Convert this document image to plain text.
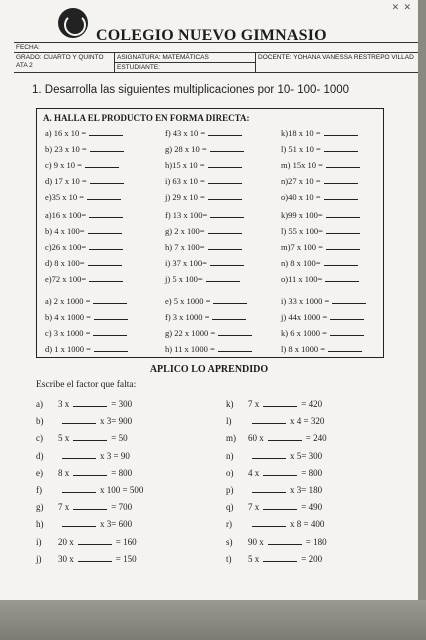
COLEGIO NUEVO GIMNASIO
✕ ✕
FECHA:
GRADO: CUARTO Y QUINTO ATA 2
ASIGNATURA: MATEMÁTICAS
ESTUDIANTE:
DOCENTE: YOHANA VANESSA RESTREPO VILLAD
1. Desarrolla las siguientes multiplicaciones por 10- 100- 1000
A. HALLA EL PRODUCTO EN FORMA DIRECTA:
a) 16 x 10 =	f) 43 x 10 =	k)18 x 10 =
b) 23 x 10 =	g) 28 x 10 =	l) 51 x 10 =
c) 9 x 10 =	h)15 x 10 =	m) 15x 10 =
d) 17 x 10 =	i) 63 x 10 =	n)27 x 10 =
e)35 x 10 =	j) 29 x 10 =	o)40 x 10 =
a)16 x 100=	f) 13 x 100=	k)99 x 100=
b) 4 x 100=	g) 2 x 100=	l) 55 x 100=
c)26 x 100=	h) 7 x 100=	m)7 x 100 =
d) 8 x 100=	i) 37 x 100=	n) 8 x 100=
e)72 x 100=	j) 5 x 100=	o)11 x 100=
a) 2 x 1000 =	e) 5 x 1000 =	i) 33 x 1000 =
b) 4 x 1000 =	f) 3 x 1000 =	j) 44x 1000 =
c) 3 x 1000 =	g) 22 x 1000 =	k) 6 x 1000 =
d) 1 x 1000 =	h) 11 x 1000 =	l) 8 x 1000 =
APLICO LO APRENDIDO
Escribe el factor que falta:
a) 3 x	= 300
b)	x 3= 900
c) 5 x	= 50
d)	x 3 = 90
e) 8 x	= 800
f)	x 100 = 500
g) 7 x	= 700
h)	x 3= 600
i) 20 x	= 160
j) 30 x	= 150
k) 7 x	= 420
l)	x 4 = 320
m) 60 x	= 240
n)	x 5= 300
o) 4 x	= 800
p)	x 3= 180
q) 7 x	= 490
r)	x 8 = 400
s) 90 x	= 180
t) 5 x	= 200
